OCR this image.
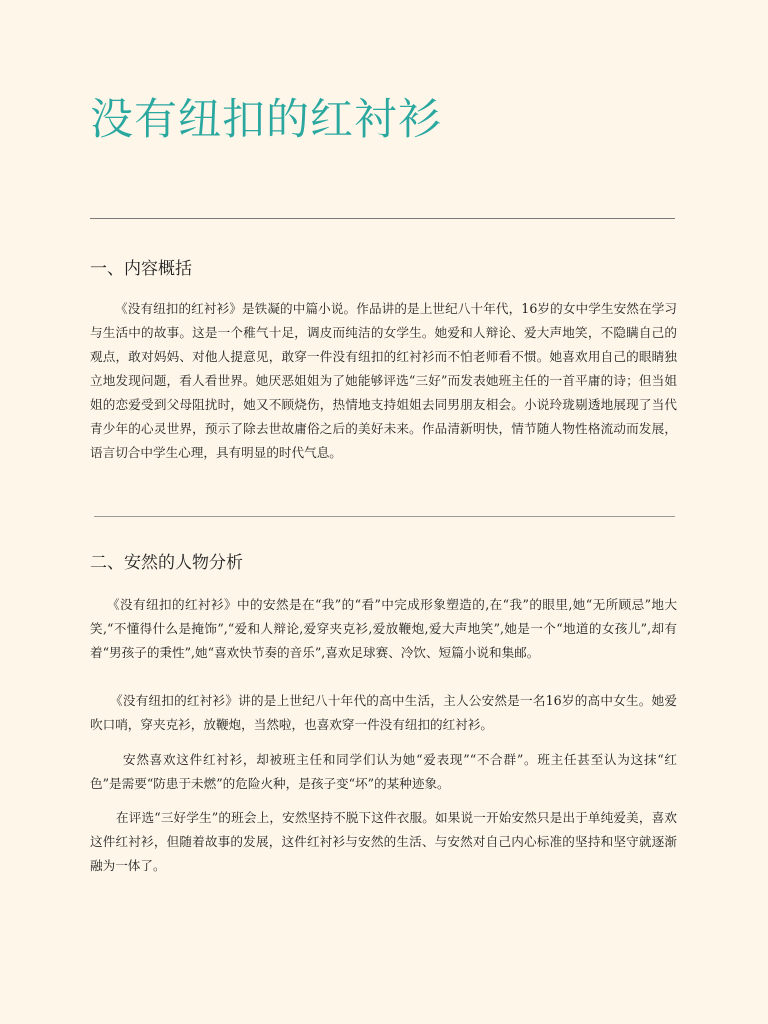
没有纽扣的红衬衫
一、内容概括

《没有纽扣的红衬衫》是铁凝的中篇小说。作品讲的是上世纪八十年代，16岁的女中学生安然在学习与生活中的故事。这是一个稚气十足，调皮而纯洁的女学生。她爱和人辩论、爱大声地笑，不隐瞒自己的观点，敢对妈妈、对他人提意见，敢穿一件没有纽扣的红衬衫而不怕老师看不惯。她喜欢用自己的眼睛独立地发现问题，看人看世界。她厌恶姐姐为了她能够评选“三好”而发表她班主任的一首平庸的诗；但当姐姐的恋爱受到父母阻扰时，她又不顾烧伤，热情地支持姐姐去同男朋友相会。小说玲珑剔透地展现了当代青少年的心灵世界，预示了除去世故庸俗之后的美好未来。作品清新明快，情节随人物性格流动而发展，语言切合中学生心理，具有明显的时代气息。

二、安然的人物分析

《没有纽扣的红衬衫》中的安然是在“我”的“看”中完成形象塑造的,在“我”的眼里,她“无所顾忌”地大笑,“不懂得什么是掩饰”,“爱和人辩论,爱穿夹克衫,爱放鞭炮,爱大声地笑”,她是一个“地道的女孩儿”,却有着“男孩子的秉性”,她“喜欢快节奏的音乐”,喜欢足球赛、冷饮、短篇小说和集邮。

《没有纽扣的红衬衫》讲的是上世纪八十年代的高中生活，主人公安然是一名16岁的高中女生。她爱吹口哨，穿夹克衫，放鞭炮，当然啦，也喜欢穿一件没有纽扣的红衬衫。

安然喜欢这件红衬衫，却被班主任和同学们认为她“爱表现”“不合群”。班主任甚至认为这抹“红色”是需要“防患于未燃”的危险火种，是孩子变“坏”的某种迹象。

在评选“三好学生”的班会上，安然坚持不脱下这件衣服。如果说一开始安然只是出于单纯爱美，喜欢这件红衬衫，但随着故事的发展，这件红衬衫与安然的生活、与安然对自己内心标准的坚持和坚守就逐渐融为一体了。
